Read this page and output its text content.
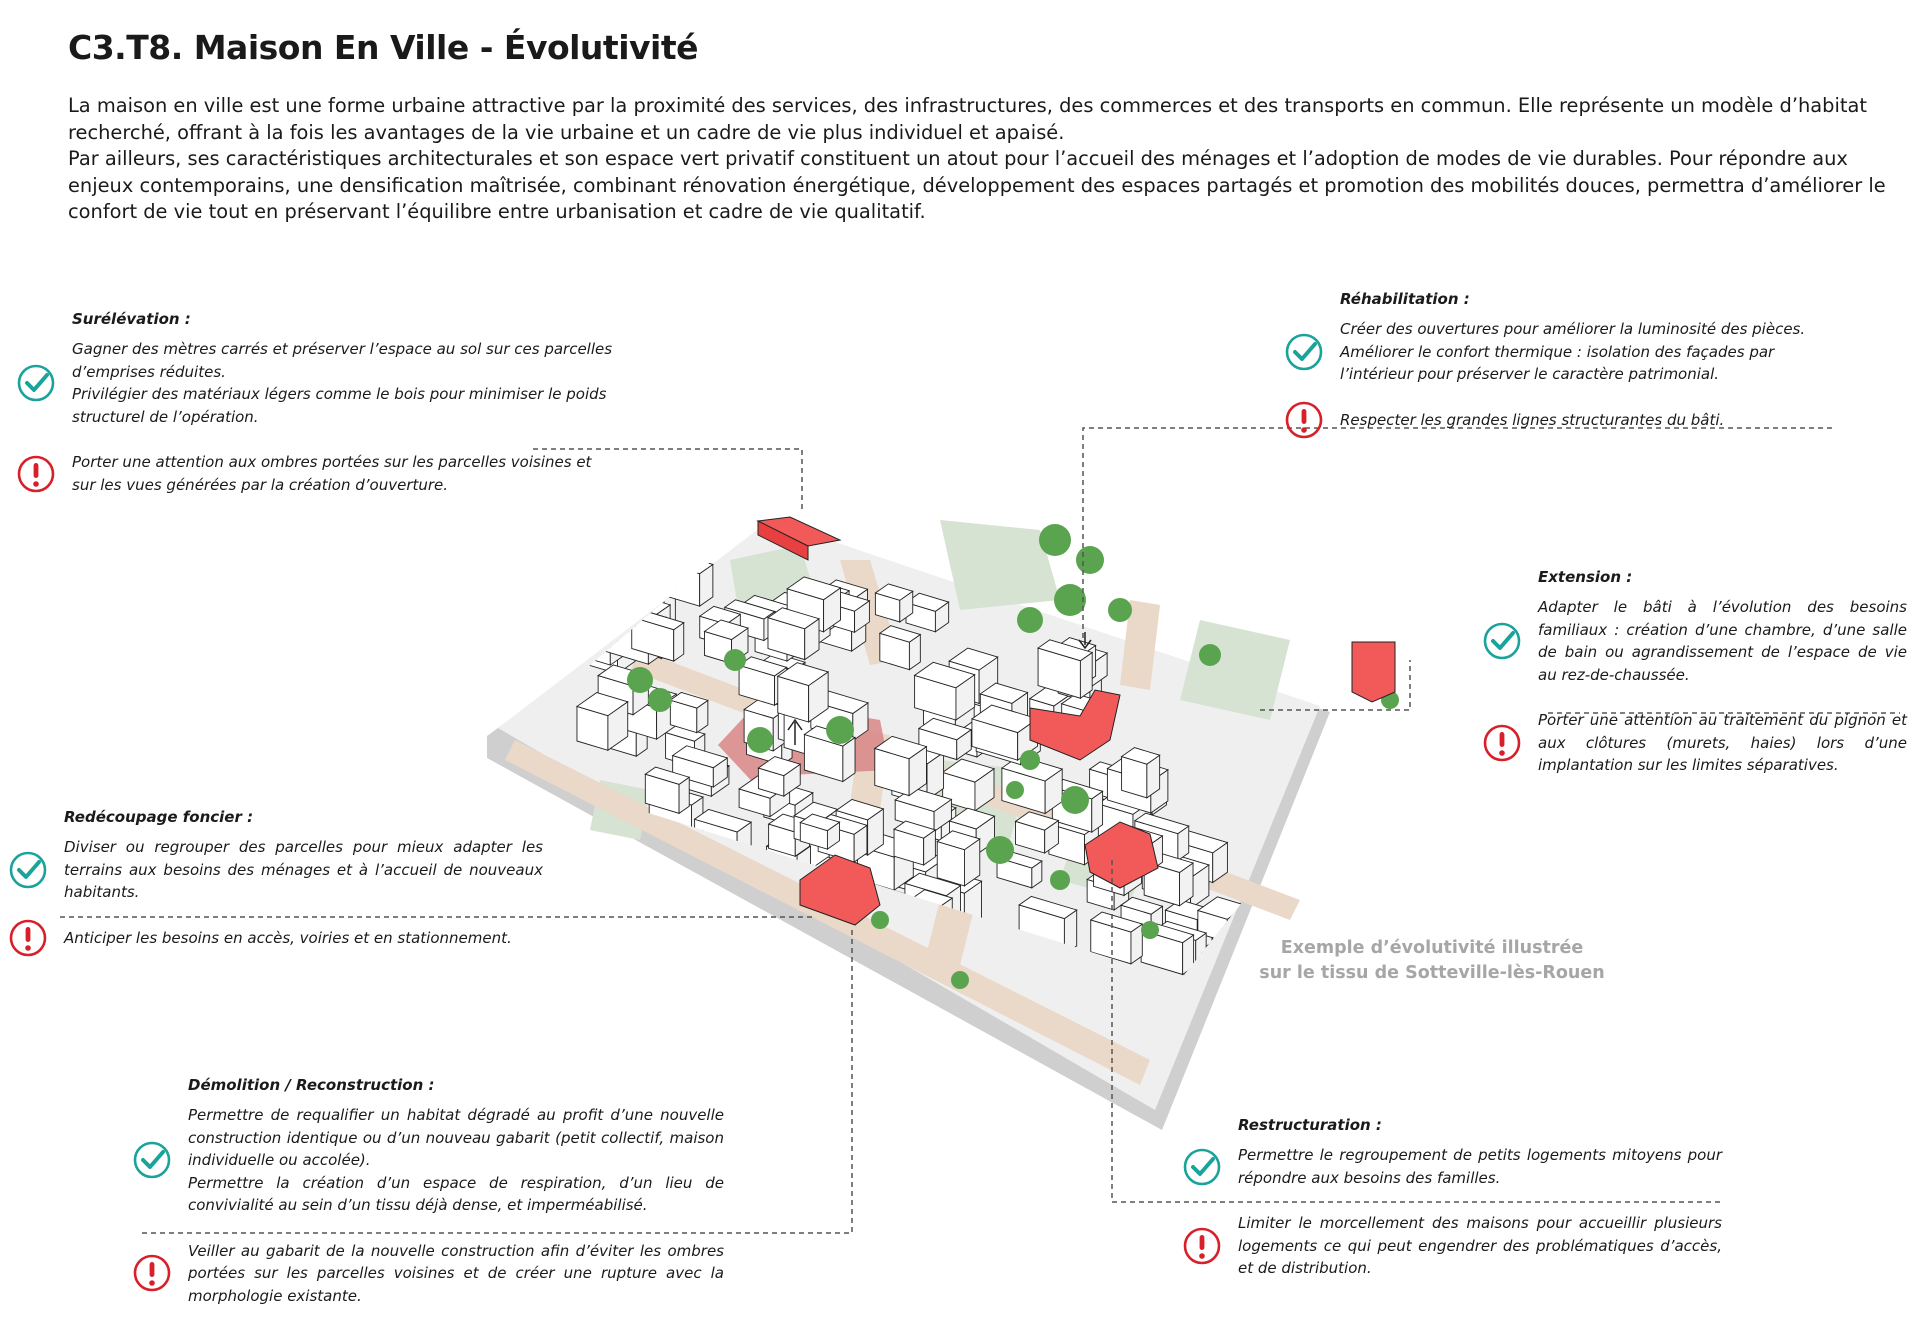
C3.T8. Maison En Ville - Évolutivité

La maison en ville est une forme urbaine attractive par la proximité des services, des infrastructures, des commerces et des transports en commun. Elle représente un modèle d’habitat recherché, offrant à la fois les avantages de la vie urbaine et un cadre de vie plus individuel et apaisé.

Par ailleurs, ses caractéristiques architecturales et son espace vert privatif constituent un atout pour l’accueil des ménages et l’adoption de modes de vie durables. Pour répondre aux enjeux contemporains, une densification maîtrisée, combinant rénovation énergétique, développement des espaces partagés et promotion des mobilités douces, permettra d’améliorer le confort de vie tout en préservant l’équilibre entre urbanisation et cadre de vie qualitatif.

Surélévation :

Gagner des mètres carrés et préserver l’espace au sol sur ces parcelles d’emprises réduites.

Privilégier des matériaux légers comme le bois pour minimiser le poids structurel de l’opération.

Porter une attention aux ombres portées sur les parcelles voisines et sur les vues générées par la création d’ouverture.

Réhabilitation :

Créer des ouvertures pour améliorer la luminosité des pièces.

Améliorer le confort thermique : isolation des façades par l’intérieur pour préserver le caractère patrimonial.

Respecter les grandes lignes structurantes du bâti.

Extension :

Adapter le bâti à l’évolution des besoins familiaux : création d’une chambre, d’une salle de bain ou agrandissement de l’espace de vie au rez-de-chaussée.

Porter une attention au traitement du pignon et aux clôtures (murets, haies) lors d’une implantation sur les limites séparatives.

Redécoupage foncier :

Diviser ou regrouper des parcelles pour mieux adapter les terrains aux besoins des ménages et à l’accueil de nouveaux habitants.

Anticiper les besoins en accès, voiries et en stationnement.

Démolition / Reconstruction :

Permettre de requalifier un habitat dégradé au profit d’une nouvelle construction identique ou d’un nouveau gabarit (petit collectif, maison individuelle ou accolée).

Permettre la création d’un espace de respiration, d’un lieu de convivialité au sein d’un tissu déjà dense, et imperméabilisé.

Veiller au gabarit de la nouvelle construction afin d’éviter les ombres portées sur les parcelles voisines et de créer une rupture avec la morphologie existante.

Restructuration :

Permettre le regroupement de petits logements mitoyens pour répondre aux besoins des familles.

Limiter le morcellement des maisons pour accueillir plusieurs logements ce qui peut engendrer des problématiques d’accès, et de distribution.

Exemple d’évolutivité illustrée
sur le tissu de Sotteville-lès-Rouen
